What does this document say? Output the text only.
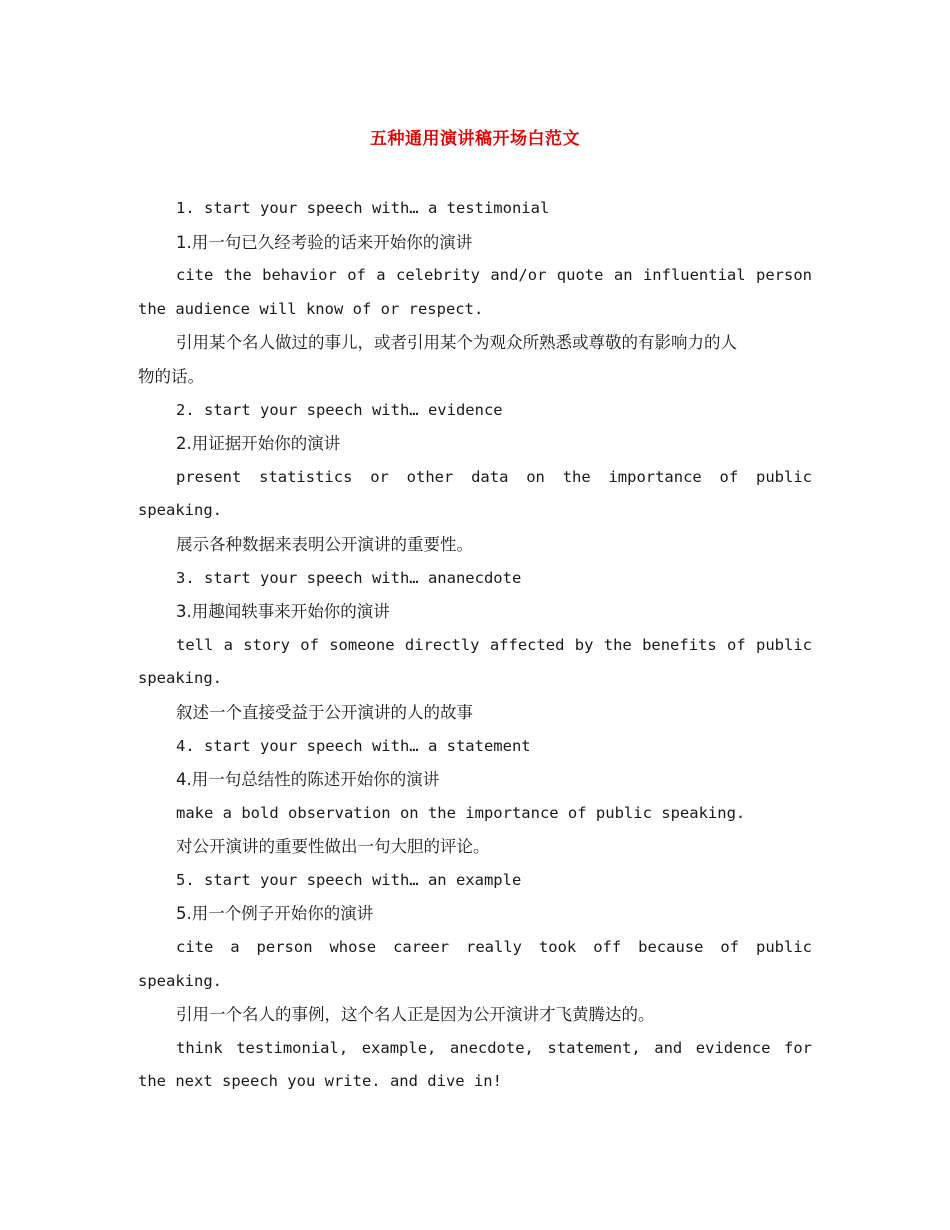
五种通用演讲稿开场白范文
1. start your speech with… a testimonial
1.用一句已久经考验的话来开始你的演讲
cite the behavior of a celebrity and/or quote an influential person
the audience will know of or respect.
引用某个名人做过的事儿，或者引用某个为观众所熟悉或尊敬的有影响力的人
物的话。
2. start your speech with… evidence
2.用证据开始你的演讲
present statistics or other data on the importance of public
speaking.
展示各种数据来表明公开演讲的重要性。
3. start your speech with… ananecdote
3.用趣闻轶事来开始你的演讲
tell a story of someone directly affected by the benefits of public
speaking.
叙述一个直接受益于公开演讲的人的故事
4. start your speech with… a statement
4.用一句总结性的陈述开始你的演讲
make a bold observation on the importance of public speaking.
对公开演讲的重要性做出一句大胆的评论。
5. start your speech with… an example
5.用一个例子开始你的演讲
cite a person whose career really took off because of public
speaking.
引用一个名人的事例，这个名人正是因为公开演讲才飞黄腾达的。
think testimonial, example, anecdote, statement, and evidence for
the next speech you write. and dive in!
